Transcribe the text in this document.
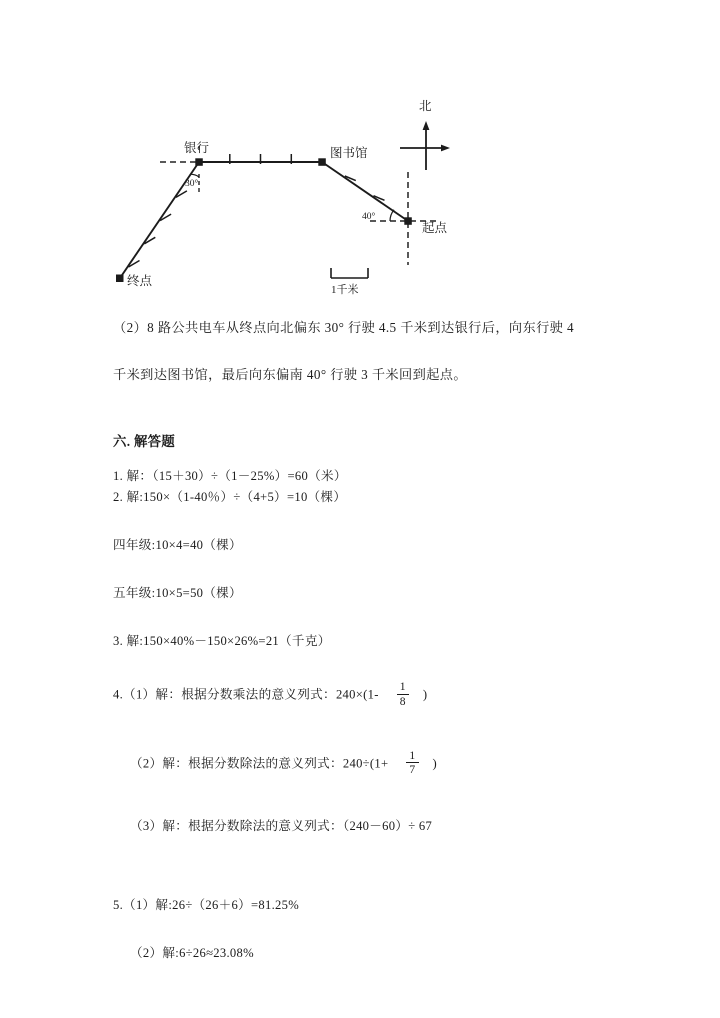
终点
银行	图书馆
起点
30°
40°
北
1千米

（2）8 路公共电车从终点向北偏东 30° 行驶 4.5 千米到达银行后，向东行驶 4

千米到达图书馆，最后向东偏南 40° 行驶 3 千米回到起点。

六. 解答题
1. 解：（15＋30）÷（1－25%）=60（米）
2. 解:150×（1-40％）÷（4+5）=10（棵）
四年级:10×4=40（棵）
五年级:10×5=50（棵）
3. 解:150×40%－150×26%=21（千克）
4.（1）解：根据分数乘法的意义列式：$240\times(1- \frac{1}{8}$ )
（2）解：根据分数除法的意义列式：$240\div(1+ \frac{1}{7}$ )
（3）解：根据分数除法的意义列式：（240－60）÷ 67
5.（1）解:26÷（26＋6）=81.25%
（2）解:6÷26≈23.08%
